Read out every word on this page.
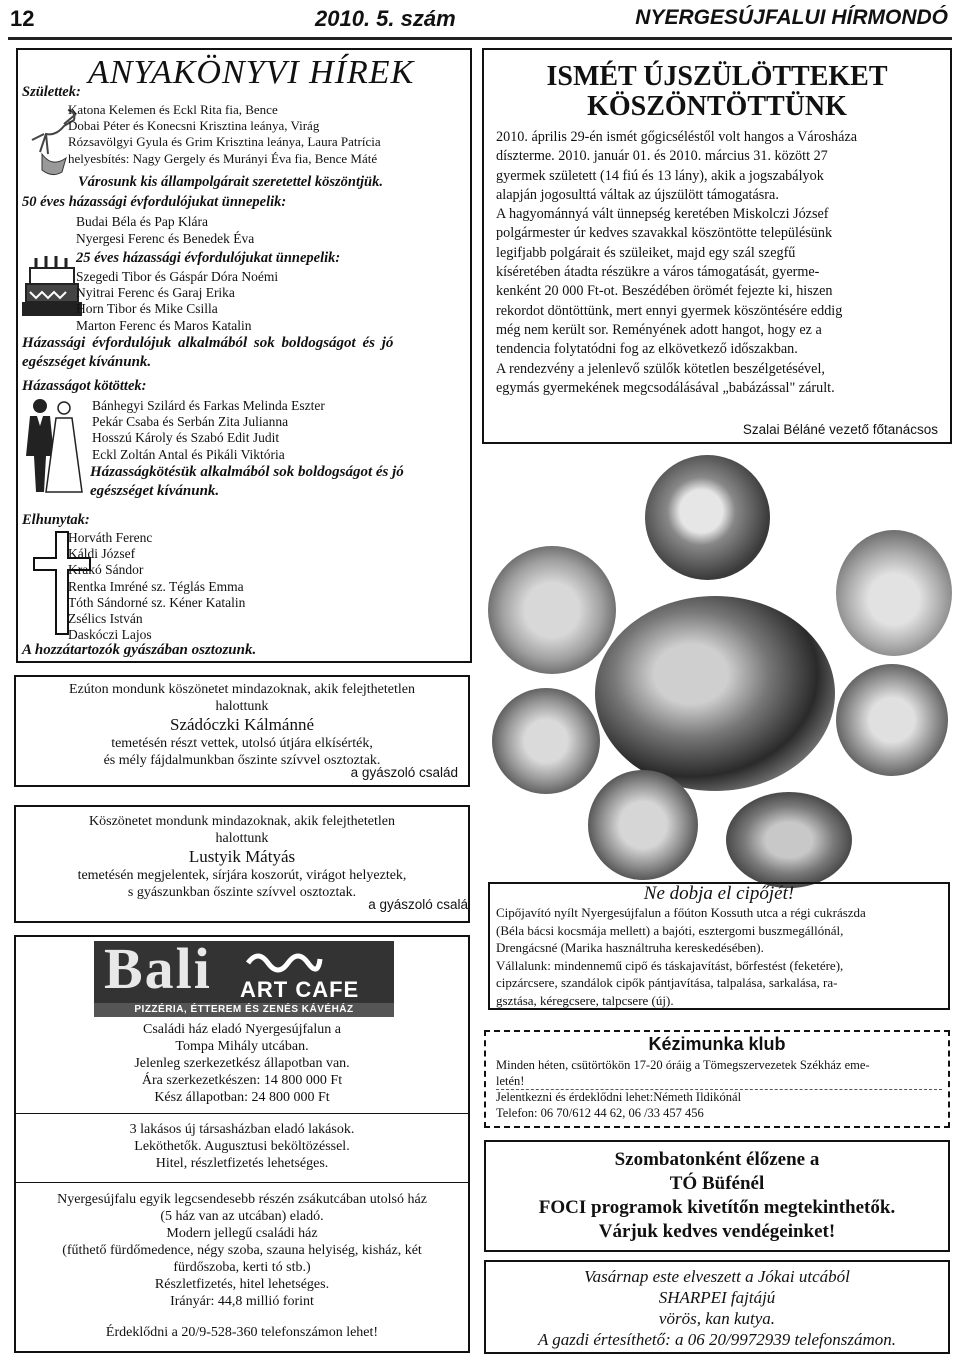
12	2010. 5. szám	NYERGESÚJFALUI HÍRMONDÓ
ANYAKÖNYVI HÍREK
Születtek:
Katona Kelemen és Eckl Rita fia, Bence
Dobai Péter és Konecsni Krisztina leánya, Virág
Rózsavölgyi Gyula és Grim Krisztina leánya, Laura Patrícia
helyesbítés: Nagy Gergely és Murányi Éva fia, Bence Máté
Városunk kis állampolgárait szeretettel köszöntjük.
50 éves házassági évfordulójukat ünnepelik:
Budai Béla és Pap Klára
Nyergesi Ferenc és Benedek Éva
25 éves házassági évfordulójukat ünnepelik:
Szegedi Tibor és Gáspár Dóra Noémi
Nyitrai Ferenc és Garaj Erika
Horn Tibor és Mike Csilla
Marton Ferenc és Maros Katalin
Házassági évfordulójuk alkalmából sok boldogságot és jó
egészséget kívánunk.
Házasságot kötöttek:
Bánhegyi Szilárd és Farkas Melinda Eszter
Pekár Csaba és Serbán Zita Julianna
Hosszú Károly és Szabó Edit Judit
Eckl Zoltán Antal és Pikáli Viktória
Házasságkötésük alkalmából sok boldogságot és jó
egészséget kívánunk.
Elhunytak:
Horváth Ferenc
Káldi József
Krakó Sándor
Rentka Imréné sz. Téglás Emma
Tóth Sándorné sz. Kéner Katalin
Zsélics István
Daskóczi Lajos
A hozzátartozók gyászában osztozunk.
Ezúton mondunk köszönetet mindazoknak, akik felejthetetlen
halottunk
Szádóczki Kálmánné
temetésén részt vettek, utolsó útjára elkísérték,
és mély fájdalmunkban őszinte szívvel osztoztak.
a gyászoló család
Köszönetet mondunk mindazoknak, akik felejthetetlen
halottunk
Lustyik Mátyás
temetésén megjelentek, sírjára koszorút, virágot helyeztek,
s gyászunkban őszinte szívvel osztoztak.
a gyászoló csalá
Bali ART CAFE
PIZZÉRIA, ÉTTEREM ÉS ZENÉS KÁVÉHÁZ
Családi ház eladó Nyergesújfalun a
Tompa Mihály utcában.
Jelenleg szerkezetkész állapotban van.
Ára szerkezetkészen: 14 800 000 Ft
Kész állapotban: 24 800 000 Ft
3 lakásos új társasházban eladó lakások.
Leköthetők. Augusztusi beköltözéssel.
Hitel, részletfizetés lehetséges.
Nyergesújfalu egyik legcsendesebb részén zsákutcában utolsó ház
(5 ház van az utcában) eladó.
Modern jellegű családi ház
(fűthető fürdőmedence, négy szoba, szauna helyiség, kisház, két
fürdőszoba, kerti tó stb.)
Részletfizetés, hitel lehetséges.
Irányár: 44,8 millió forint
Érdeklődni a 20/9-528-360 telefonszámon lehet!
ISMÉT ÚJSZÜLÖTTEKET
KÖSZÖNTÖTTÜNK
2010. április 29-én ismét gőgicséléstől volt hangos a Városháza
díszterme. 2010. január 01. és 2010. március 31. között 27
gyermek született (14 fiú és 13 lány), akik a jogszabályok
alapján jogosulttá váltak az újszülött támogatásra.
A hagyománnyá vált ünnepség keretében Miskolczi József
polgármester úr kedves szavakkal köszöntötte településünk
legifjabb polgárait és szüleiket, majd egy szál szegfű
kíséretében átadta részükre a város támogatását, gyerme-
kenként 20 000 Ft-ot. Beszédében örömét fejezte ki, hiszen
rekordot döntöttünk, mert ennyi gyermek köszöntésére eddig
még nem került sor. Reményének adott hangot, hogy ez a
tendencia folytatódni fog az elkövetkező időszakban.
A rendezvény a jelenlevő szülők kötetlen beszélgetésével,
egymás gyermekének megcsodálásával „babázással" zárult.
Szalai Béláné vezető főtanácsos
Ne dobja el cipőjét!
Cipőjavító nyílt Nyergesújfalun a főúton Kossuth utca a régi cukrászda
(Béla bácsi kocsmája mellett) a bajóti, esztergomi buszmegállónál,
Drengácsné (Marika használtruha kereskedésében).
Vállalunk: mindennemű cipő és táskajavítást, bőrfestést (feketére),
cipzárcsere, szandálok cipők pántjavítása, talpalása, sarkalása, ra-
gsztása, kéregcsere, talpcsere (új).
Kézimunka klub
Minden héten, csütörtökön 17-20 óráig a Tömegszervezetek Székház eme-
letén!
Jelentkezni és érdeklődni lehet:Németh Ildikónál
Telefon: 06 70/612 44 62, 06 /33 457 456
Szombatonként élőzene a
TÓ Büfénél
FOCI programok kivetítőn megtekinthetők.
Várjuk kedves vendégeinket!
Vasárnap este elveszett a Jókai utcából
SHARPEI fajtájú
vörös, kan kutya.
A gazdi értesíthető: a 06 20/9972939 telefonszámon.
